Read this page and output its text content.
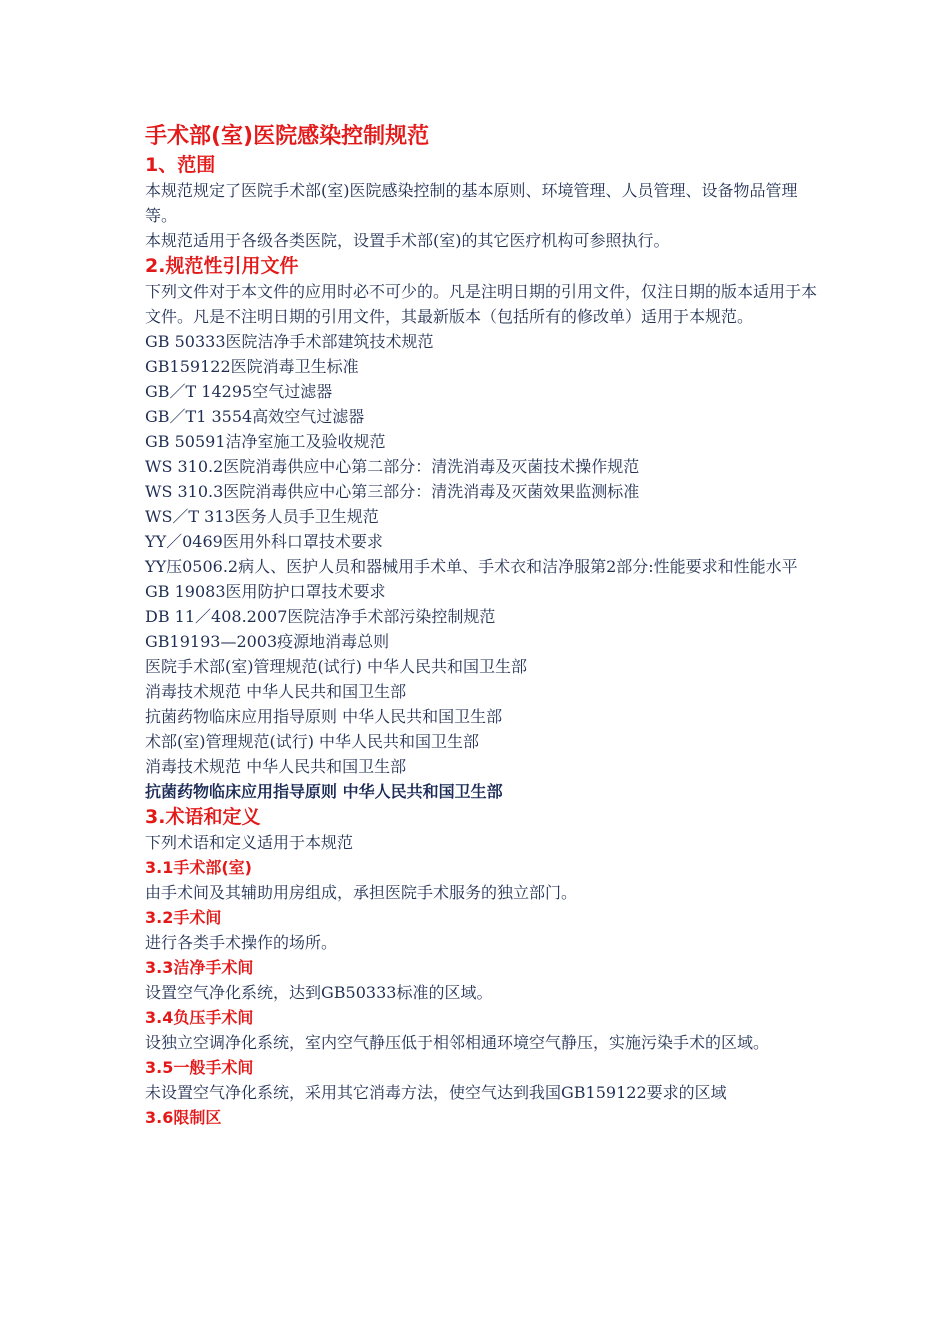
手术部(室)医院感染控制规范
1、范围
本规范规定了医院手术部(室)医院感染控制的基本原则、环境管理、人员管理、设备物品管理等。
本规范适用于各级各类医院，设置手术部(室)的其它医疗机构可参照执行。
2.规范性引用文件
下列文件对于本文件的应用时必不可少的。凡是注明日期的引用文件，仅注日期的版本适用于本文件。凡是不注明日期的引用文件，其最新版本（包括所有的修改单）适用于本规范。
GB 50333医院洁净手术部建筑技术规范
GB159122医院消毒卫生标准
GB／T 14295空气过滤器
GB／T1 3554高效空气过滤器
GB 50591洁净室施工及验收规范
WS 310.2医院消毒供应中心第二部分：清洗消毒及灭菌技术操作规范
WS 310.3医院消毒供应中心第三部分：清洗消毒及灭菌效果监测标准
WS／T 313医务人员手卫生规范
YY／0469医用外科口罩技术要求
YY压0506.2病人、医护人员和器械用手术单、手术衣和洁净服第2部分:性能要求和性能水平
GB 19083医用防护口罩技术要求
DB 11／408.2007医院洁净手术部污染控制规范
GB19193—2003疫源地消毒总则
医院手术部(室)管理规范(试行) 中华人民共和国卫生部
消毒技术规范 中华人民共和国卫生部
抗菌药物临床应用指导原则 中华人民共和国卫生部
术部(室)管理规范(试行) 中华人民共和国卫生部
消毒技术规范 中华人民共和国卫生部
抗菌药物临床应用指导原则 中华人民共和国卫生部
3.术语和定义
下列术语和定义适用于本规范
3.1手术部(室)
由手术间及其辅助用房组成，承担医院手术服务的独立部门。
3.2手术间
进行各类手术操作的场所。
3.3洁净手术间
设置空气净化系统，达到GB50333标准的区域。
3.4负压手术间
设独立空调净化系统，室内空气静压低于相邻相通环境空气静压，实施污染手术的区域。
3.5一般手术间
未设置空气净化系统，采用其它消毒方法，使空气达到我国GB159122要求的区域
3.6限制区
